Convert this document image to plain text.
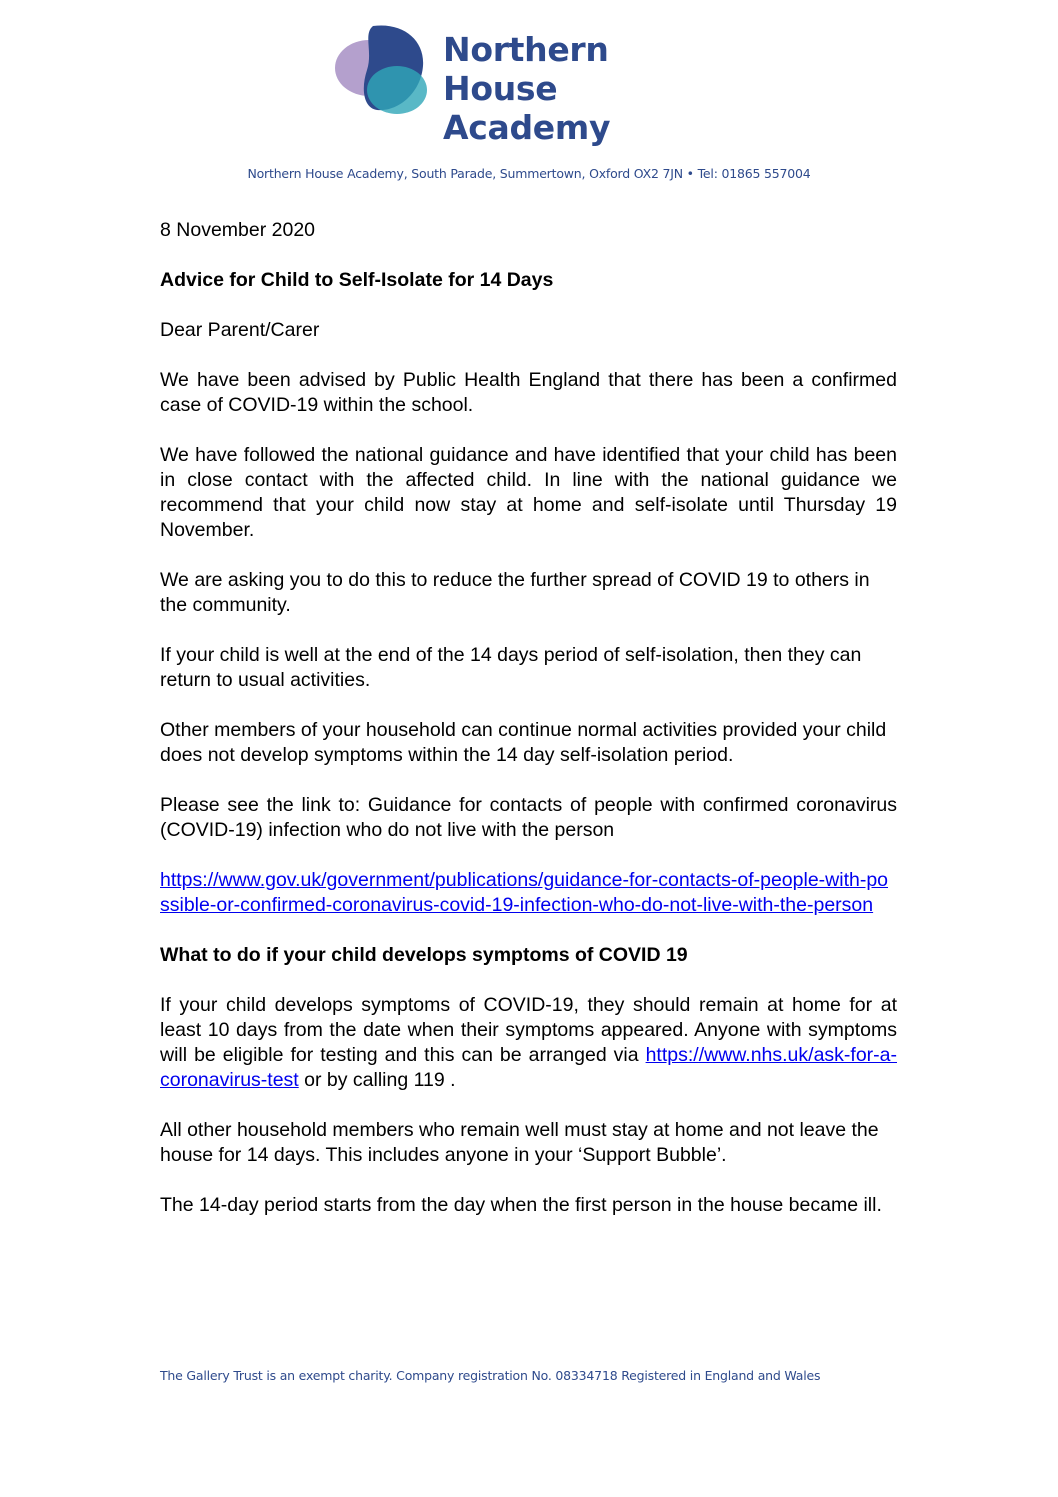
Northern House
Academy
Northern House Academy, South Parade, Summertown, Oxford OX2 7JN • Tel: 01865 557004

8 November 2020

Advice for Child to Self-Isolate for 14 Days

Dear Parent/Carer

We have been advised by Public Health England that there has been a confirmed case of COVID-19 within the school.

We have followed the national guidance and have identified that your child has been in close contact with the affected child. In line with the national guidance we recommend that your child now stay at home and self-isolate until Thursday 19 November.

We are asking you to do this to reduce the further spread of COVID 19 to others in the community.

If your child is well at the end of the 14 days period of self-isolation, then they can return to usual activities.

Other members of your household can continue normal activities provided your child does not develop symptoms within the 14 day self-isolation period.

Please see the link to: Guidance for contacts of people with confirmed coronavirus (COVID-19) infection who do not live with the person

https://www.gov.uk/government/publications/guidance-for-contacts-of-people-with-possible-or-confirmed-coronavirus-covid-19-infection-who-do-not-live-with-the-person

What to do if your child develops symptoms of COVID 19

If your child develops symptoms of COVID-19, they should remain at home for at least 10 days from the date when their symptoms appeared. Anyone with symptoms will be eligible for testing and this can be arranged via https://www.nhs.uk/ask-for-a-coronavirus-test or by calling 119 .

All other household members who remain well must stay at home and not leave the house for 14 days. This includes anyone in your ‘Support Bubble’.

The 14-day period starts from the day when the first person in the house became ill.

The Gallery Trust is an exempt charity. Company registration No. 08334718 Registered in England and Wales
